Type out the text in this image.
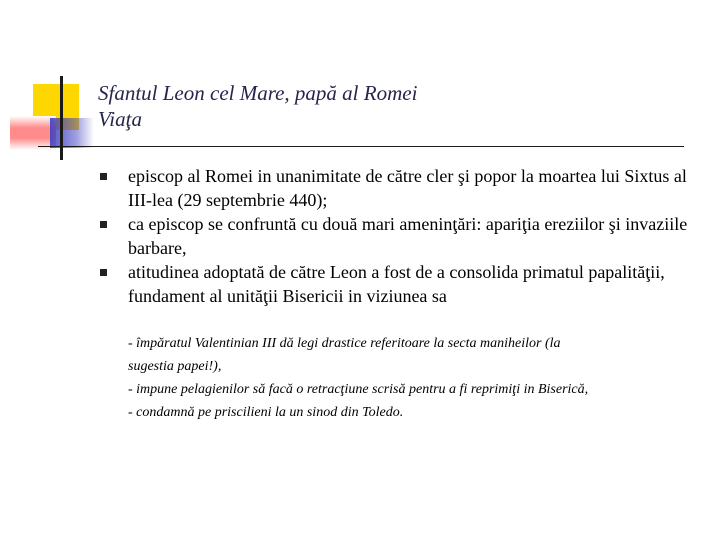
Sfantul Leon cel Mare, papă al Romei
Viaţa
episcop al Romei in unanimitate de către cler şi popor la moartea lui Sixtus al III-lea (29 septembrie 440);
ca episcop se confruntă cu două mari ameninţări: apariţia ereziilor şi invaziile barbare,
atitudinea adoptată de către Leon a fost de a consolida primatul papalităţii, fundament al unităţii Bisericii in viziunea sa
- împăratul Valentinian III dă legi drastice referitoare la secta maniheilor (la
sugestia papei!),
- impune pelagienilor să facă o retracţiune scrisă pentru a fi reprimiţi in Biserică,
- condamnă pe priscilieni la un sinod din Toledo.
